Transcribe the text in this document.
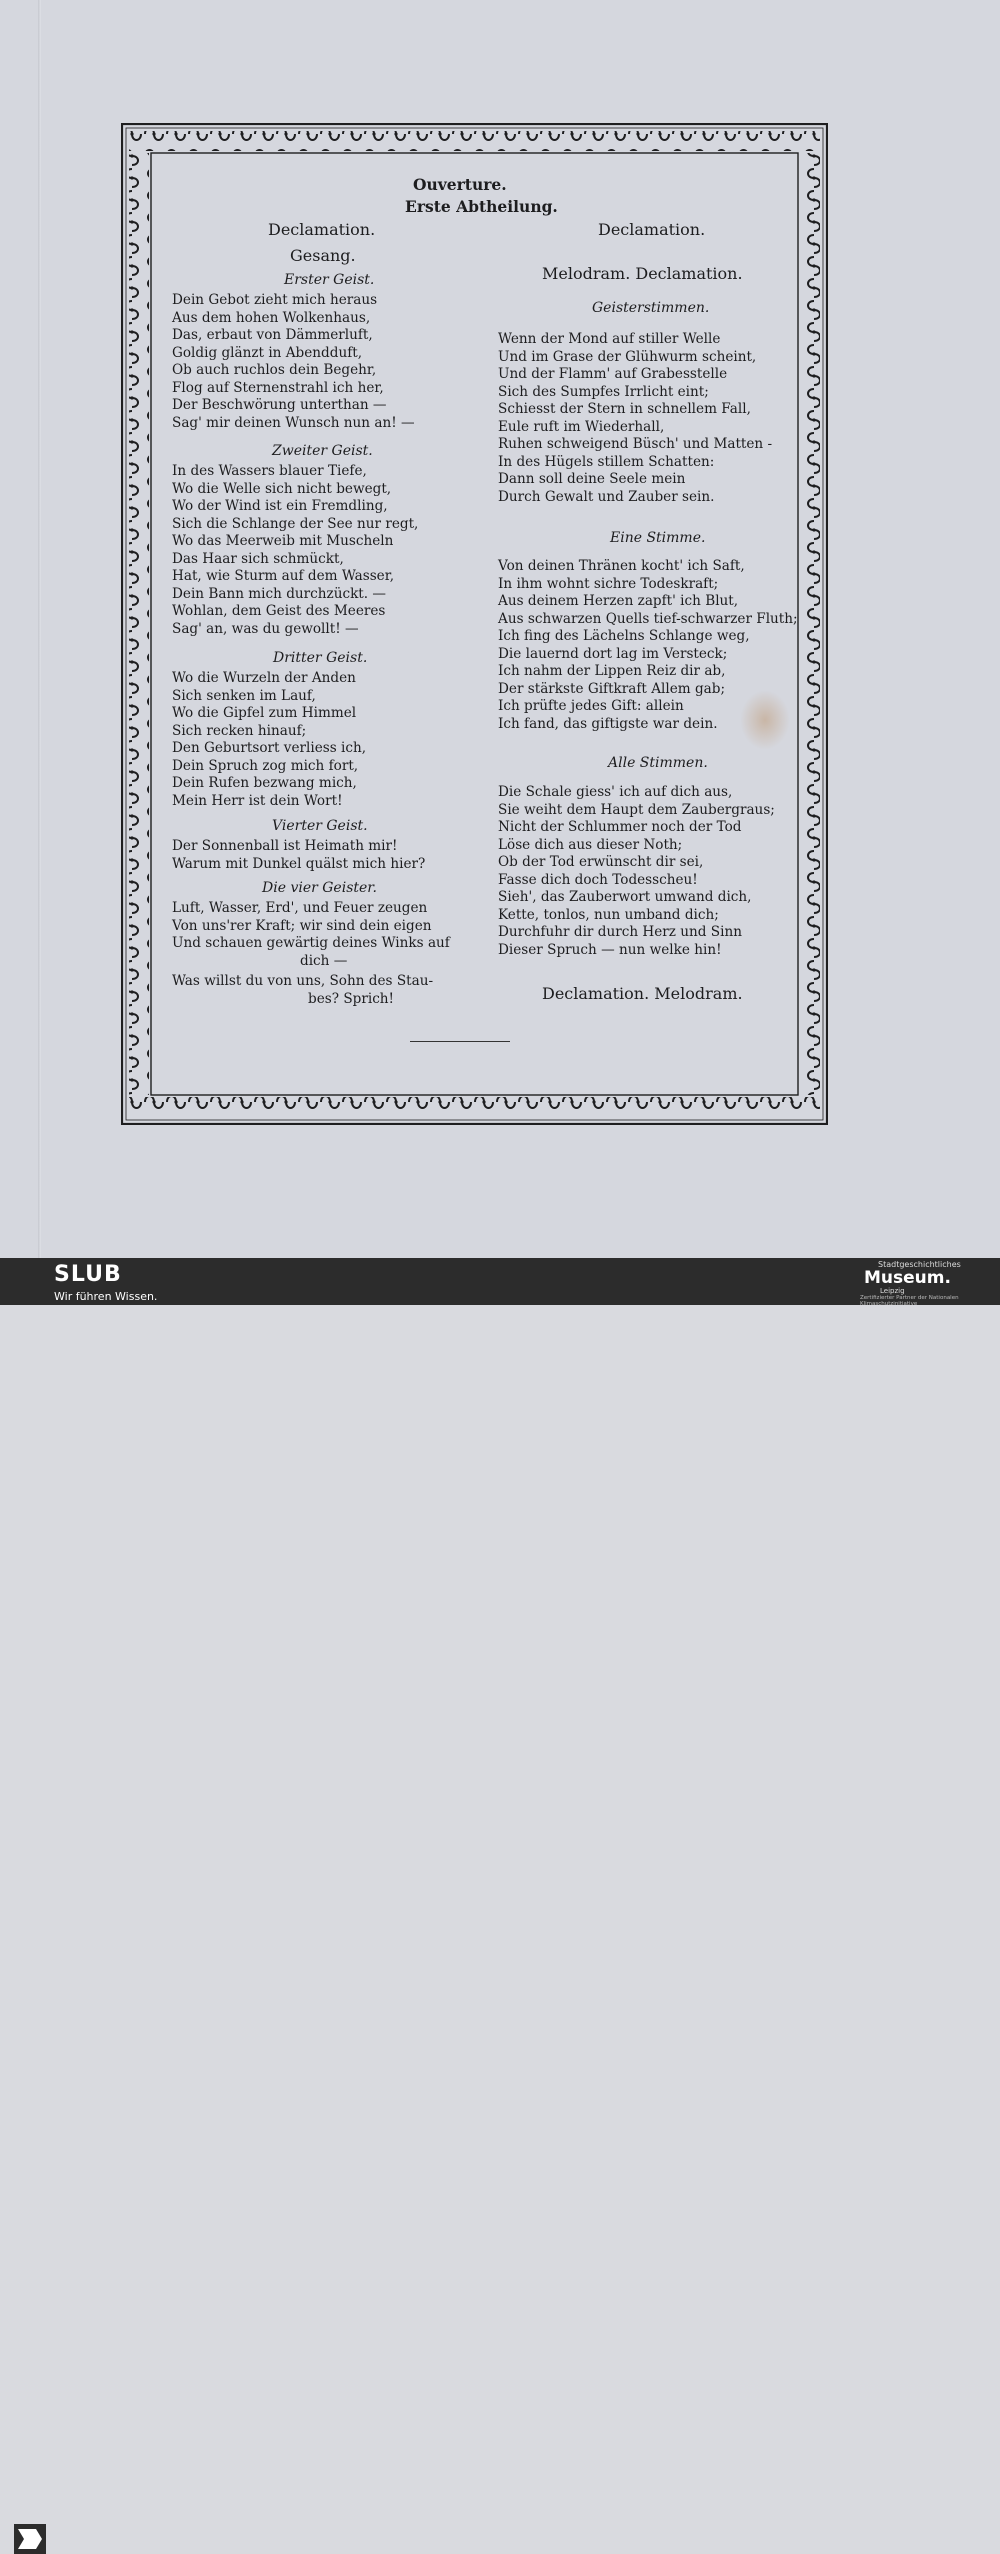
Ouverture.
Erste Abtheilung.
Declamation.
Gesang.
Erster Geist.
Dein Gebot zieht mich heraus
Aus dem hohen Wolkenhaus,
Das, erbaut von Dämmerluft,
Goldig glänzt in Abendduft,
Ob auch ruchlos dein Begehr,
Flog auf Sternenstrahl ich her,
Der Beschwörung unterthan —
Sag' mir deinen Wunsch nun an! —
Zweiter Geist.
In des Wassers blauer Tiefe,
Wo die Welle sich nicht bewegt,
Wo der Wind ist ein Fremdling,
Sich die Schlange der See nur regt,
Wo das Meerweib mit Muscheln
Das Haar sich schmückt,
Hat, wie Sturm auf dem Wasser,
Dein Bann mich durchzückt. —
Wohlan, dem Geist des Meeres
Sag' an, was du gewollt! —
Dritter Geist.
Wo die Wurzeln der Anden
Sich senken im Lauf,
Wo die Gipfel zum Himmel
Sich recken hinauf;
Den Geburtsort verliess ich,
Dein Spruch zog mich fort,
Dein Rufen bezwang mich,
Mein Herr ist dein Wort!
Vierter Geist.
Der Sonnenball ist Heimath mir!
Warum mit Dunkel quälst mich hier?
Die vier Geister.
Luft, Wasser, Erd', und Feuer zeugen
Von uns'rer Kraft; wir sind dein eigen
Und schauen gewärtig deines Winks auf
dich —
Was willst du von uns, Sohn des Stau-
bes? Sprich!
Declamation.
Melodram. Declamation.
Geisterstimmen.
Wenn der Mond auf stiller Welle
Und im Grase der Glühwurm scheint,
Und der Flamm' auf Grabesstelle
Sich des Sumpfes Irrlicht eint;
Schiesst der Stern in schnellem Fall,
Eule ruft im Wiederhall,
Ruhen schweigend Büsch' und Matten -
In des Hügels stillem Schatten:
Dann soll deine Seele mein
Durch Gewalt und Zauber sein.
Eine Stimme.
Von deinen Thränen kocht' ich Saft,
In ihm wohnt sichre Todeskraft;
Aus deinem Herzen zapft' ich Blut,
Aus schwarzen Quells tief-schwarzer Fluth;
Ich fing des Lächelns Schlange weg,
Die lauernd dort lag im Versteck;
Ich nahm der Lippen Reiz dir ab,
Der stärkste Giftkraft Allem gab;
Ich prüfte jedes Gift: allein
Ich fand, das giftigste war dein.
Alle Stimmen.
Die Schale giess' ich auf dich aus,
Sie weiht dem Haupt dem Zaubergraus;
Nicht der Schlummer noch der Tod
Löse dich aus dieser Noth;
Ob der Tod erwünscht dir sei,
Fasse dich doch Todesscheu!
Sieh', das Zauberwort umwand dich,
Kette, tonlos, nun umband dich;
Durchfuhr dir durch Herz und Sinn
Dieser Spruch — nun welke hin!
Declamation. Melodram.
SLUB
Wir führen Wissen.
Stadtgeschichtliches
Museum.
Leipzig
Zertifizierter Partner der Nationalen Klimaschutzinitiative
